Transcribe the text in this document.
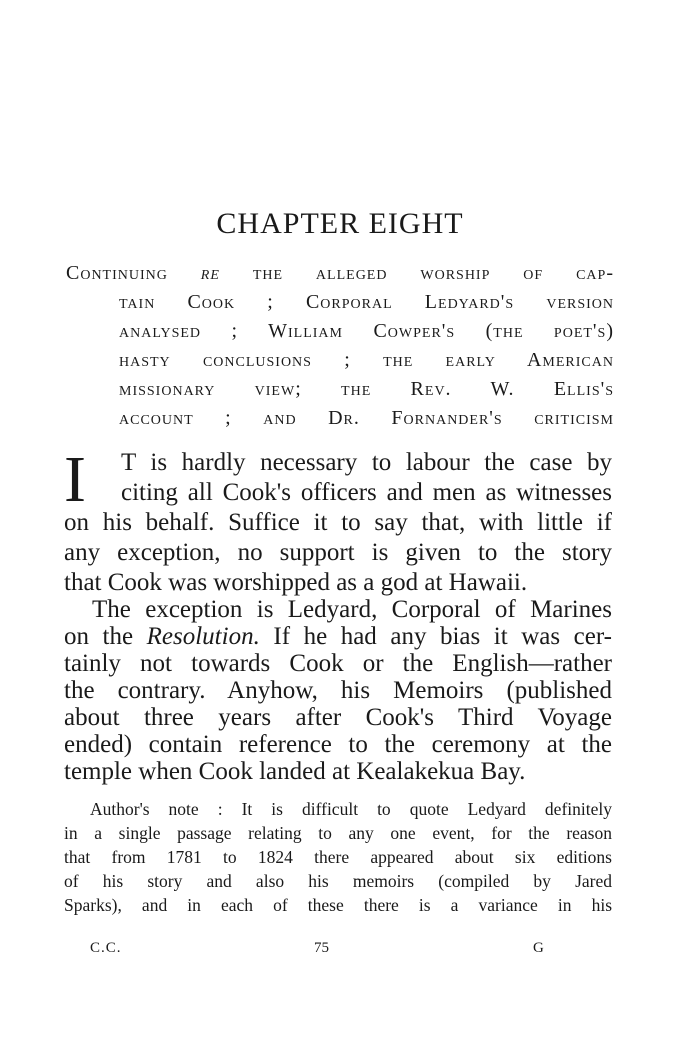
CHAPTER EIGHT
Continuing re the alleged worship of cap-
tain Cook ; Corporal Ledyard's version
analysed ; William Cowper's (the poet's)
hasty conclusions ; the early American
missionary view; the Rev. W. Ellis's
account ; and Dr. Fornander's criticism
I T is hardly necessary to labour the case by
citing all Cook's officers and men as witnesses
on his behalf. Suffice it to say that, with little if
any exception, no support is given to the story
that Cook was worshipped as a god at Hawaii.
The exception is Ledyard, Corporal of Marines
on the Resolution. If he had any bias it was cer-
tainly not towards Cook or the English—rather
the contrary. Anyhow, his Memoirs (published
about three years after Cook's Third Voyage
ended) contain reference to the ceremony at the
temple when Cook landed at Kealakekua Bay.
Author's note : It is difficult to quote Ledyard definitely
in a single passage relating to any one event, for the reason
that from 1781 to 1824 there appeared about six editions
of his story and also his memoirs (compiled by Jared
Sparks), and in each of these there is a variance in his
C.C.	75	G
